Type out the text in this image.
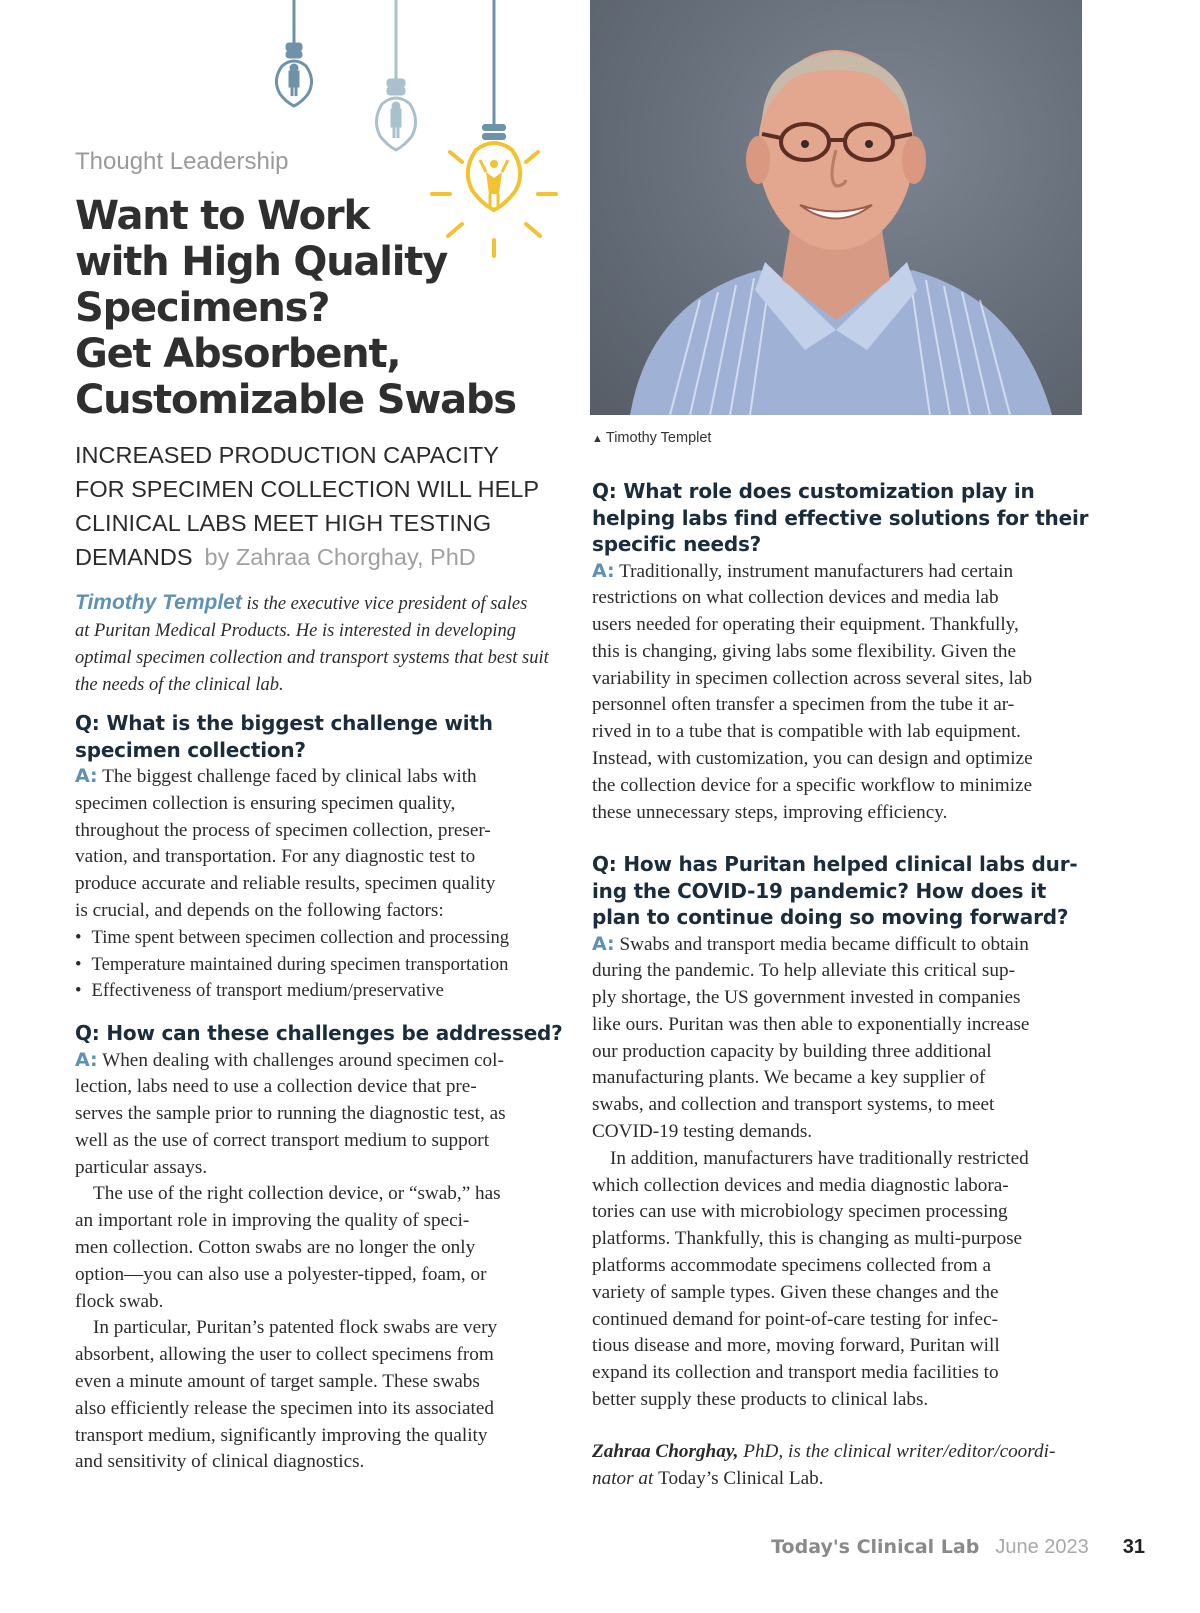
Thought Leadership
Want to Work
with High Quality
Specimens?
Get Absorbent,
Customizable Swabs
INCREASED PRODUCTION CAPACITY
FOR SPECIMEN COLLECTION WILL HELP
CLINICAL LABS MEET HIGH TESTING
DEMANDS by Zahraa Chorghay, PhD
Timothy Templet is the executive vice president of sales
at Puritan Medical Products. He is interested in developing
optimal specimen collection and transport systems that best suit
the needs of the clinical lab.
Q: What is the biggest challenge with
specimen collection?
A: The biggest challenge faced by clinical labs with
specimen collection is ensuring specimen quality,
throughout the process of specimen collection, preser-
vation, and transportation. For any diagnostic test to
produce accurate and reliable results, specimen quality
is crucial, and depends on the following factors:
• Time spent between specimen collection and processing
• Temperature maintained during specimen transportation
• Effectiveness of transport medium/preservative
Q: How can these challenges be addressed?
A: When dealing with challenges around specimen col-
lection, labs need to use a collection device that pre-
serves the sample prior to running the diagnostic test, as
well as the use of correct transport medium to support
particular assays.
The use of the right collection device, or “swab,” has
an important role in improving the quality of speci-
men collection. Cotton swabs are no longer the only
option—you can also use a polyester-tipped, foam, or
flock swab.
In particular, Puritan’s patented flock swabs are very
absorbent, allowing the user to collect specimens from
even a minute amount of target sample. These swabs
also efficiently release the specimen into its associated
transport medium, significantly improving the quality
and sensitivity of clinical diagnostics.
▲ Timothy Templet
Q: What role does customization play in
helping labs find effective solutions for their
specific needs?
A: Traditionally, instrument manufacturers had certain
restrictions on what collection devices and media lab
users needed for operating their equipment. Thankfully,
this is changing, giving labs some flexibility. Given the
variability in specimen collection across several sites, lab
personnel often transfer a specimen from the tube it ar-
rived in to a tube that is compatible with lab equipment.
Instead, with customization, you can design and optimize
the collection device for a specific workflow to minimize
these unnecessary steps, improving efficiency.
Q: How has Puritan helped clinical labs dur-
ing the COVID-19 pandemic? How does it
plan to continue doing so moving forward?
A: Swabs and transport media became difficult to obtain
during the pandemic. To help alleviate this critical sup-
ply shortage, the US government invested in companies
like ours. Puritan was then able to exponentially increase
our production capacity by building three additional
manufacturing plants. We became a key supplier of
swabs, and collection and transport systems, to meet
COVID-19 testing demands.
In addition, manufacturers have traditionally restricted
which collection devices and media diagnostic labora-
tories can use with microbiology specimen processing
platforms. Thankfully, this is changing as multi-purpose
platforms accommodate specimens collected from a
variety of sample types. Given these changes and the
continued demand for point-of-care testing for infec-
tious disease and more, moving forward, Puritan will
expand its collection and transport media facilities to
better supply these products to clinical labs.
Zahraa Chorghay, PhD, is the clinical writer/editor/coordi-
nator at Today’s Clinical Lab.
Today's Clinical Lab June 2023 31
